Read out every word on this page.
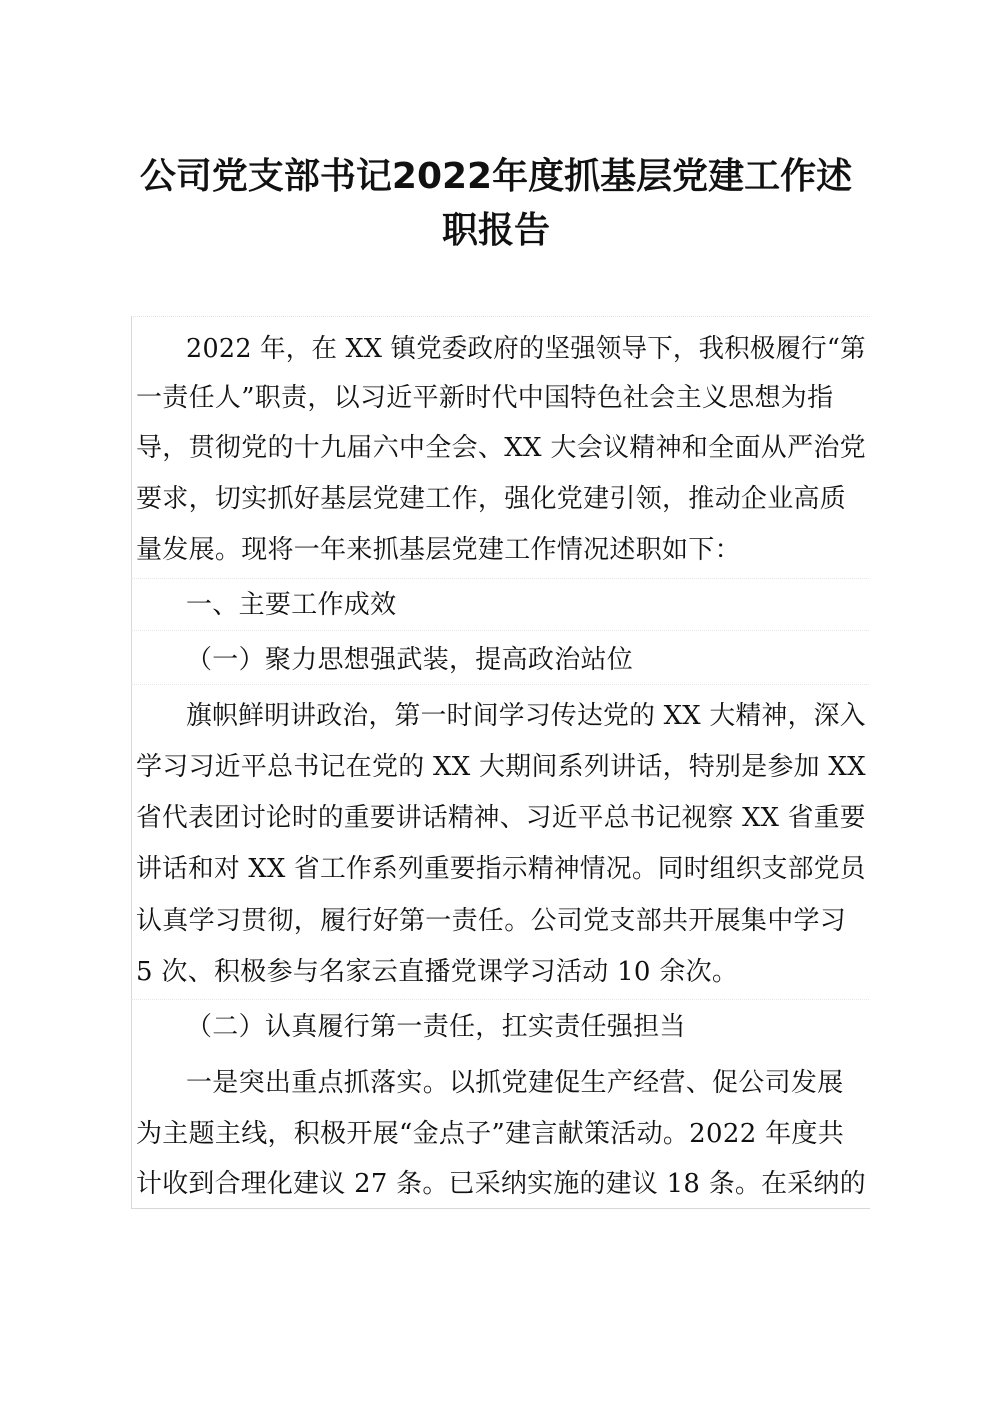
公司党支部书记2022年度抓基层党建工作述
职报告
2022 年，在 XX 镇党委政府的坚强领导下，我积极履行“第
一责任人”职责，以习近平新时代中国特色社会主义思想为指
导，贯彻党的十九届六中全会、XX 大会议精神和全面从严治党
要求，切实抓好基层党建工作，强化党建引领，推动企业高质
量发展。现将一年来抓基层党建工作情况述职如下：
一、主要工作成效
（一）聚力思想强武装，提高政治站位
旗帜鲜明讲政治，第一时间学习传达党的 XX 大精神，深入
学习习近平总书记在党的 XX 大期间系列讲话，特别是参加 XX
省代表团讨论时的重要讲话精神、习近平总书记视察 XX 省重要
讲话和对 XX 省工作系列重要指示精神情况。同时组织支部党员
认真学习贯彻，履行好第一责任。公司党支部共开展集中学习
5 次、积极参与名家云直播党课学习活动 10 余次。
（二）认真履行第一责任，扛实责任强担当
一是突出重点抓落实。以抓党建促生产经营、促公司发展
为主题主线，积极开展“金点子”建言献策活动。2022 年度共
计收到合理化建议 27 条。已采纳实施的建议 18 条。在采纳的
